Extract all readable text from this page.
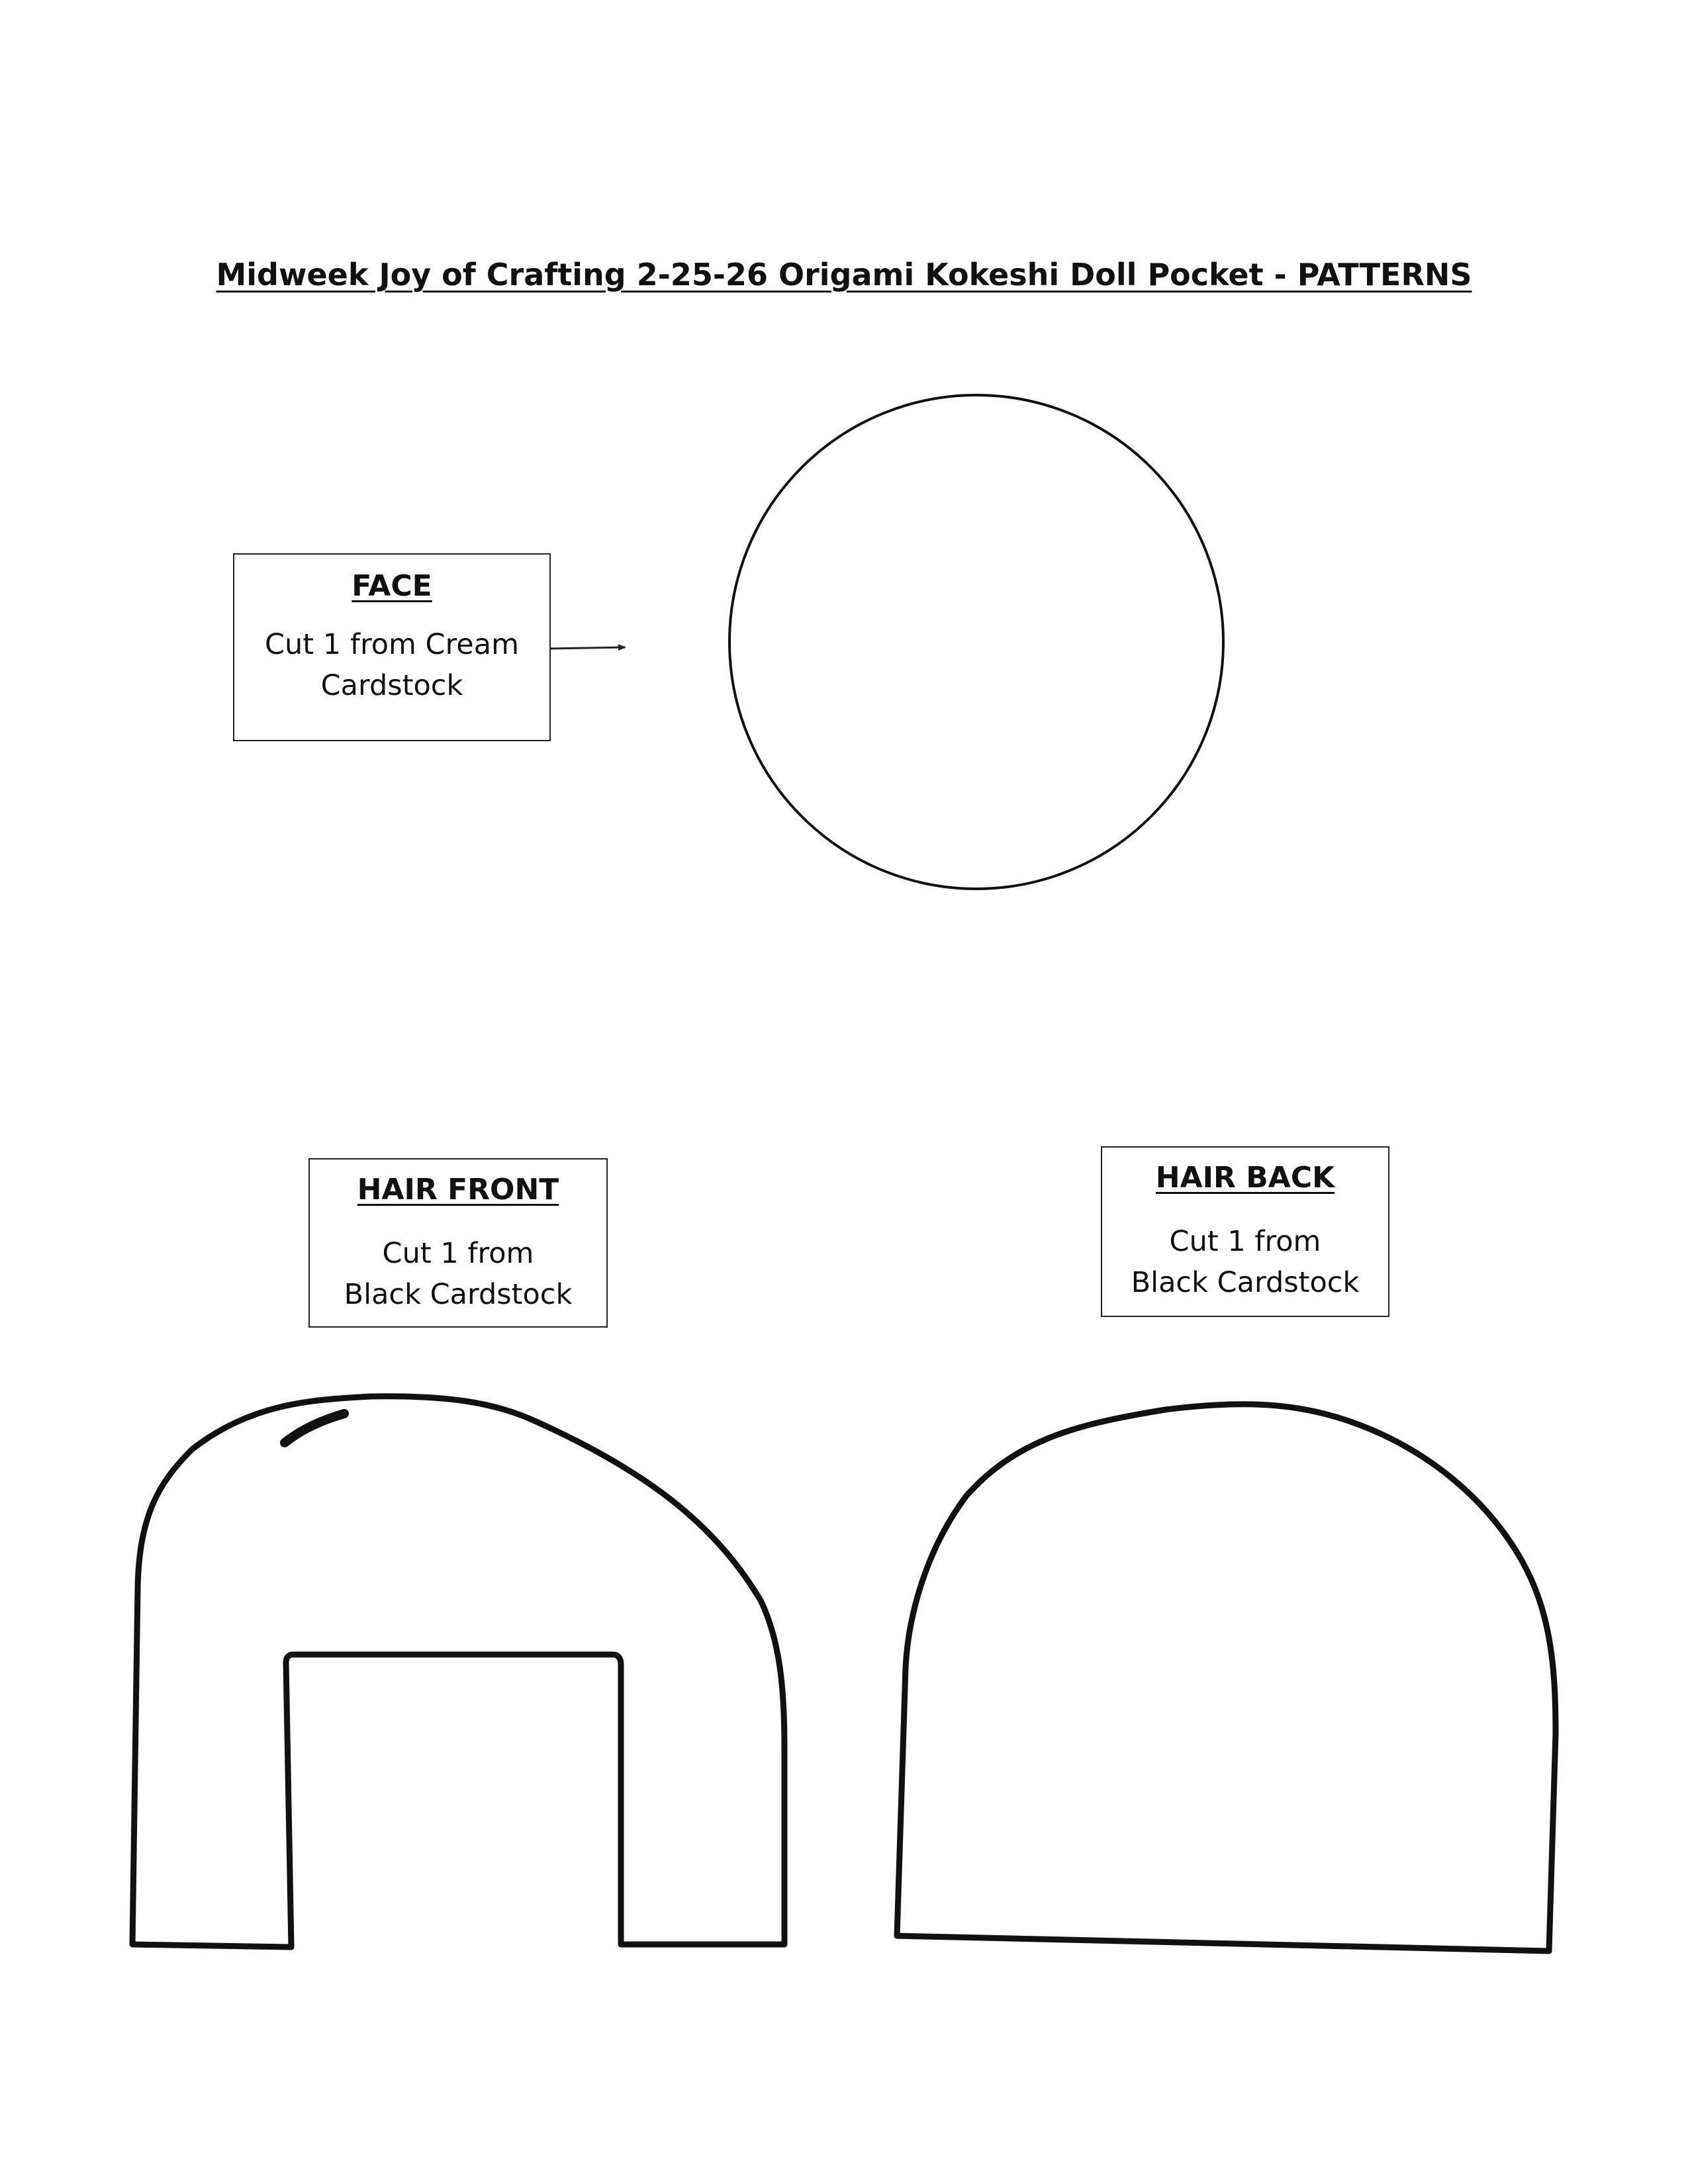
Midweek Joy of Crafting 2-25-26 Origami Kokeshi Doll Pocket - PATTERNS
FACE
Cut 1 from Cream
Cardstock
HAIR FRONT
Cut 1 from
Black Cardstock
HAIR BACK
Cut 1 from
Black Cardstock
